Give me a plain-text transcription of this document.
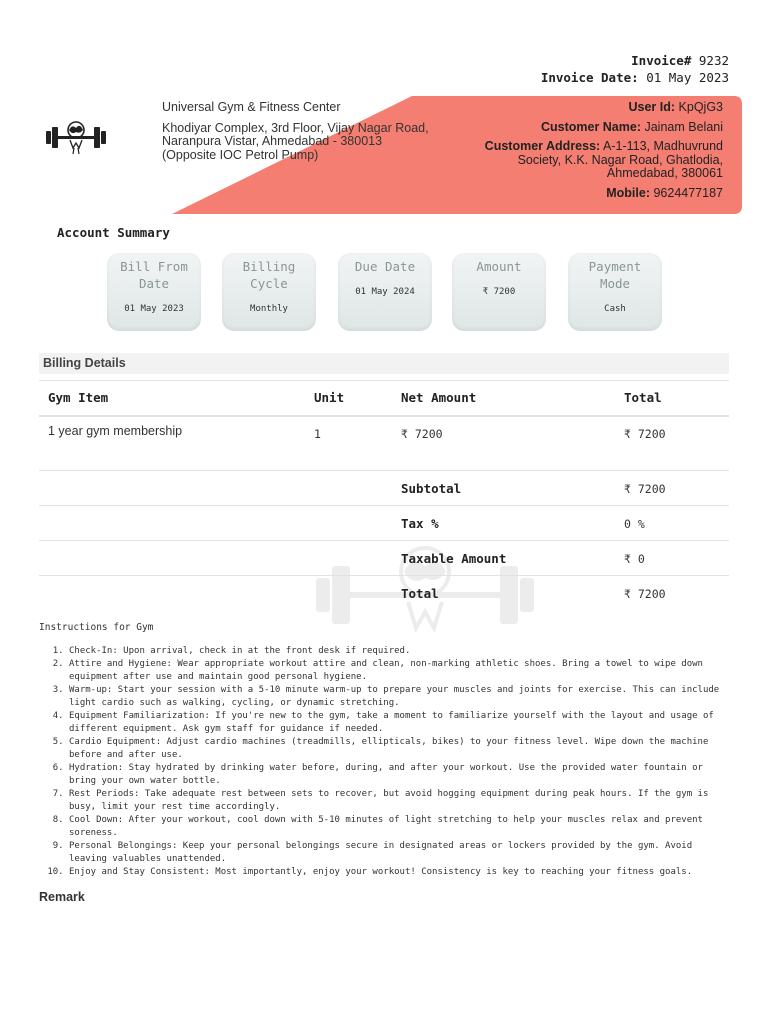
Invoice# 9232
Invoice Date: 01 May 2023
Universal Gym & Fitness Center
Khodiyar Complex, 3rd Floor, Vijay Nagar Road,
Naranpura Vistar, Ahmedabad - 380013
(Opposite IOC Petrol Pump)
User Id: KpQjG3
Customer Name: Jainam Belani
Customer Address: A-1-113, Madhuvrund
Society, K.K. Nagar Road, Ghatlodia,
Ahmedabad, 380061
Mobile: 9624477187
Account Summary
Bill From
Date
01 May 2023
Billing
Cycle
Monthly
Due Date
01 May 2024
Amount
₹ 7200
Payment
Mode
Cash
Billing Details
Gym Item	Unit	Net Amount	Total
1 year gym membership	1	₹ 7200	₹ 7200
Subtotal	₹ 7200
Tax %	0 %
Taxable Amount	₹ 0
Total	₹ 7200
Instructions for Gym
1. Check-In: Upon arrival, check in at the front desk if required.
2. Attire and Hygiene: Wear appropriate workout attire and clean, non-marking athletic shoes. Bring a towel to wipe down equipment after use and maintain good personal hygiene.
3. Warm-up: Start your session with a 5-10 minute warm-up to prepare your muscles and joints for exercise. This can include light cardio such as walking, cycling, or dynamic stretching.
4. Equipment Familiarization: If you're new to the gym, take a moment to familiarize yourself with the layout and usage of different equipment. Ask gym staff for guidance if needed.
5. Cardio Equipment: Adjust cardio machines (treadmills, ellipticals, bikes) to your fitness level. Wipe down the machine before and after use.
6. Hydration: Stay hydrated by drinking water before, during, and after your workout. Use the provided water fountain or bring your own water bottle.
7. Rest Periods: Take adequate rest between sets to recover, but avoid hogging equipment during peak hours. If the gym is busy, limit your rest time accordingly.
8. Cool Down: After your workout, cool down with 5-10 minutes of light stretching to help your muscles relax and prevent soreness.
9. Personal Belongings: Keep your personal belongings secure in designated areas or lockers provided by the gym. Avoid leaving valuables unattended.
10. Enjoy and Stay Consistent: Most importantly, enjoy your workout! Consistency is key to reaching your fitness goals.
Remark
